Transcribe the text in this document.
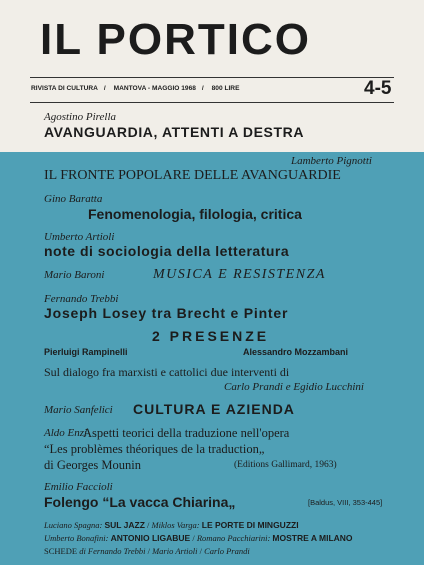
IL PORTICO
RIVISTA DI CULTURA / MANTOVA - MAGGIO 1968 / 800 LIRE	4-5
Agostino Pirella
AVANGUARDIA, ATTENTI A DESTRA
Lamberto Pignotti
IL FRONTE POPOLARE DELLE AVANGUARDIE
Gino Baratta
Fenomenologia, filologia, critica
Umberto Artioli
note di sociologia della letteratura
Mario Baroni	MUSICA E RESISTENZA
Fernando Trebbi
Joseph Losey tra Brecht e Pinter
2 PRESENZE
Pierluigi Rampinelli	Alessandro Mozzambani
Sul dialogo fra marxisti e cattolici due interventi di
Carlo Prandi e Egidio Lucchini
Mario Sanfelici CULTURA E AZIENDA
Aldo Enzi
Aspetti teorici della traduzione nell'opera
“Les problèmes théoriques de la traduction„
di Georges Mounin	(Editions Gallimard, 1963)
Emilio Faccioli
Folengo “La vacca Chiarina„	[Baldus, VIII, 353-445]
Luciano Spagna: SUL JAZZ / Miklos Varga: LE PORTE DI MINGUZZI
Umberto Bonafini: ANTONIO LIGABUE / Romano Pacchiarini: MOSTRE A MILANO
SCHEDE di Fernando Trebbi / Mario Artioli / Carlo Prandi
